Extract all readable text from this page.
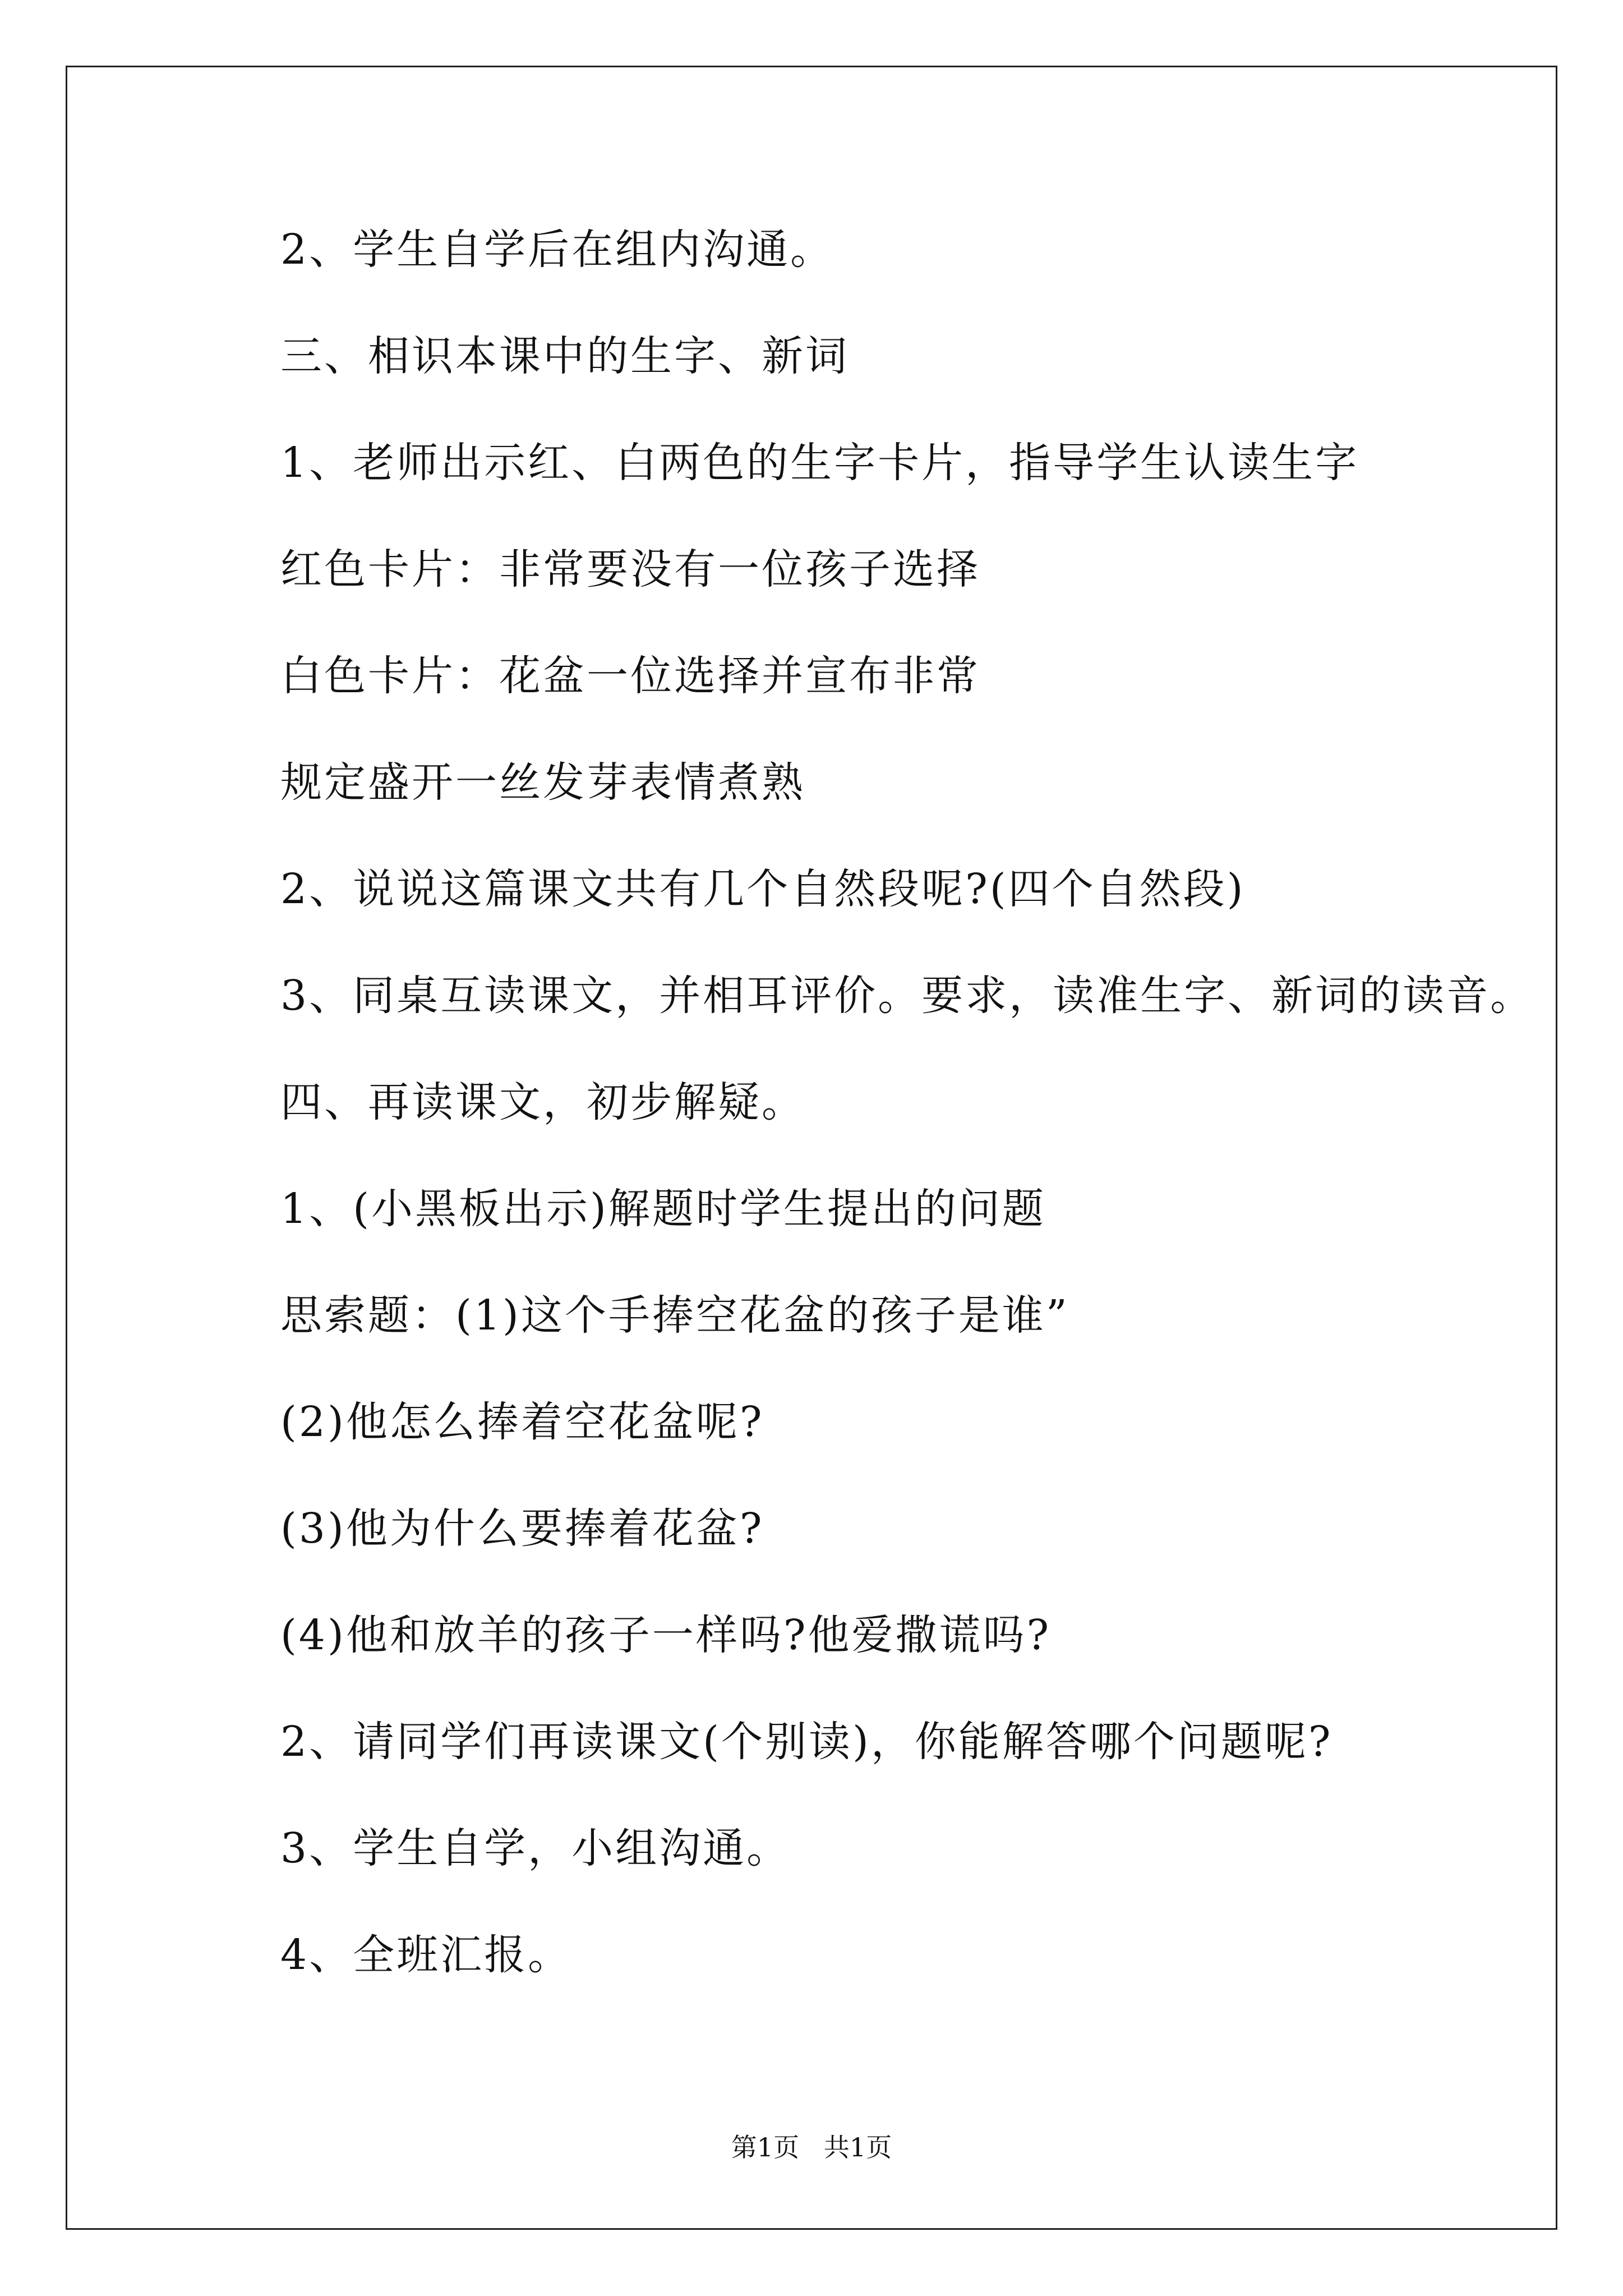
2、学生自学后在组内沟通。

三、相识本课中的生字、新词

1、老师出示红、白两色的生字卡片，指导学生认读生字

红色卡片：非常要没有一位孩子选择

白色卡片：花盆一位选择并宣布非常

规定盛开一丝发芽表情煮熟

2、说说这篇课文共有几个自然段呢?(四个自然段)

3、同桌互读课文，并相耳评价。要求，读准生字、新词的读音。

四、再读课文，初步解疑。

1、(小黑板出示)解题时学生提出的问题

思索题：(1)这个手捧空花盆的孩子是谁”

(2)他怎么捧着空花盆呢?

(3)他为什么要捧着花盆?

(4)他和放羊的孩子一样吗?他爱撒谎吗?

2、请同学们再读课文(个别读)，你能解答哪个问题呢?

3、学生自学，小组沟通。

4、全班汇报。

第1页   共1页
